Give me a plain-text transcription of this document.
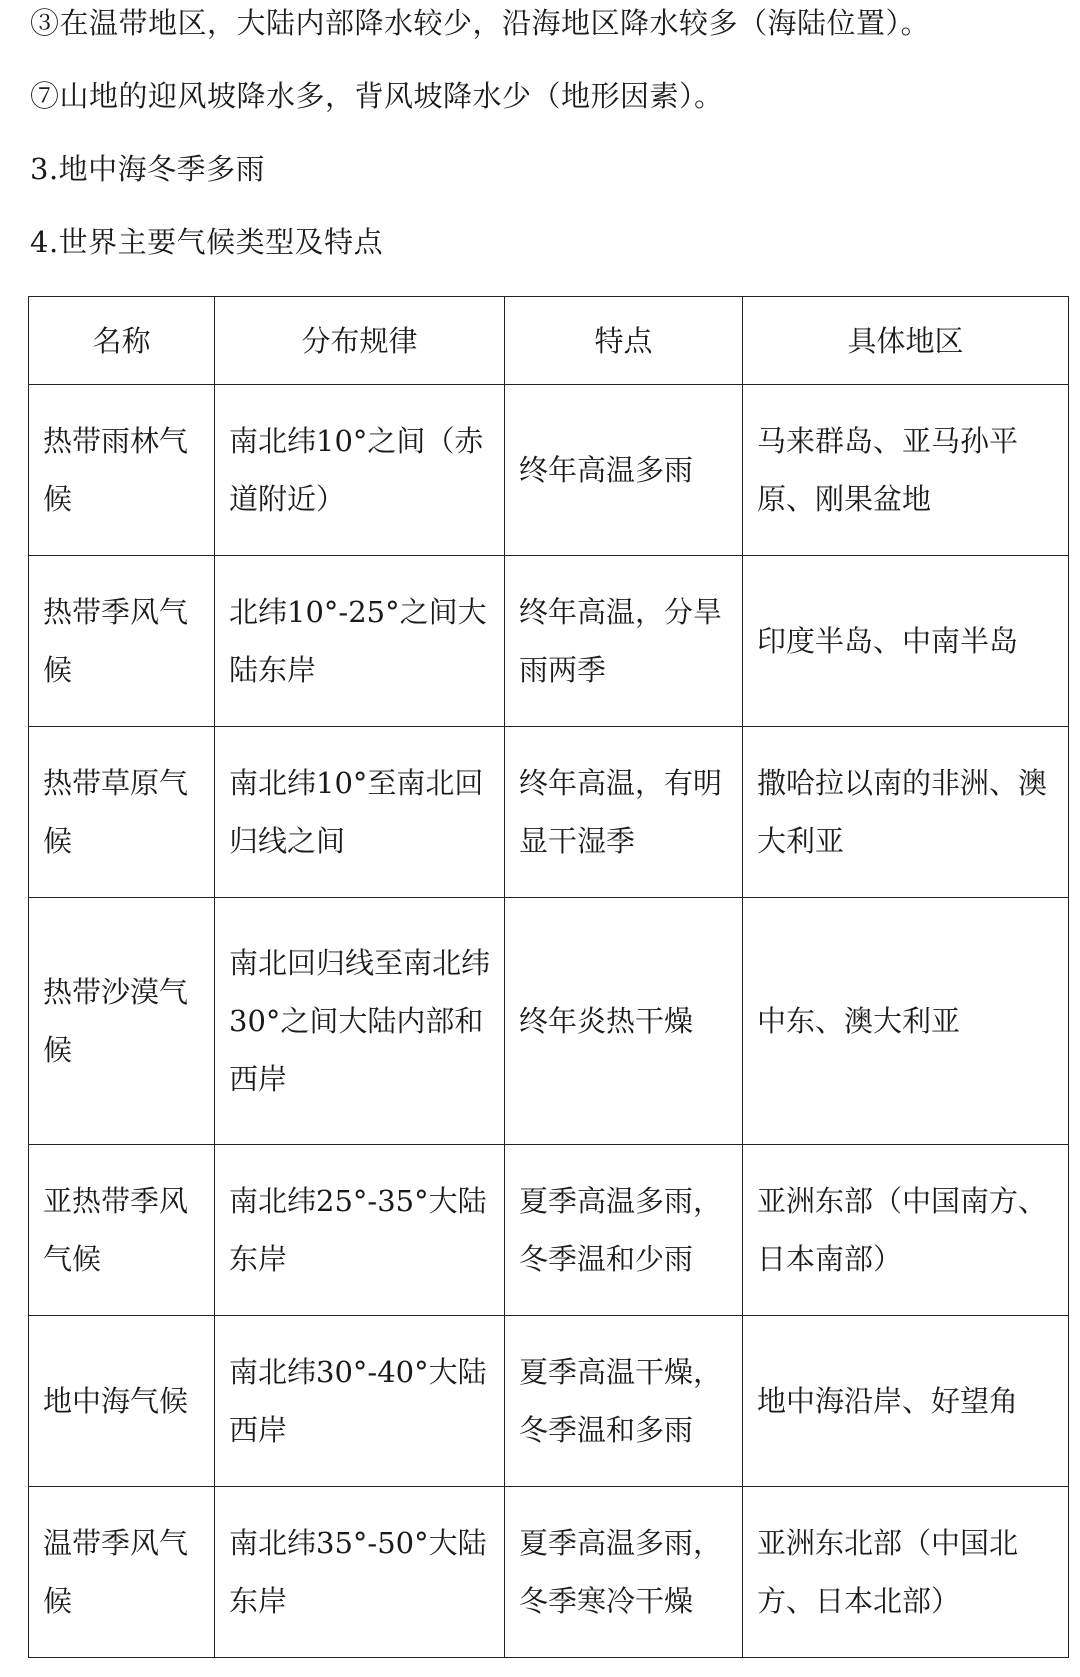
③在温带地区，大陆内部降水较少，沿海地区降水较多（海陆位置）。
⑦山地的迎风坡降水多，背风坡降水少（地形因素）。
3.地中海冬季多雨
4.世界主要气候类型及特点
名称	分布规律	特点	具体地区
热带雨林气候	南北纬10°之间（赤道附近）	终年高温多雨	马来群岛、亚马孙平原、刚果盆地
热带季风气候	北纬10°-25°之间大陆东岸	终年高温，分旱雨两季	印度半岛、中南半岛
热带草原气候	南北纬10°至南北回归线之间	终年高温，有明显干湿季	撒哈拉以南的非洲、澳大利亚
热带沙漠气候	南北回归线至南北纬30°之间大陆内部和西岸	终年炎热干燥	中东、澳大利亚
亚热带季风气候	南北纬25°-35°大陆东岸	夏季高温多雨，冬季温和少雨	亚洲东部（中国南方、日本南部）
地中海气候	南北纬30°-40°大陆西岸	夏季高温干燥，冬季温和多雨	地中海沿岸、好望角
温带季风气候	南北纬35°-50°大陆东岸	夏季高温多雨，冬季寒冷干燥	亚洲东北部（中国北方、日本北部）
